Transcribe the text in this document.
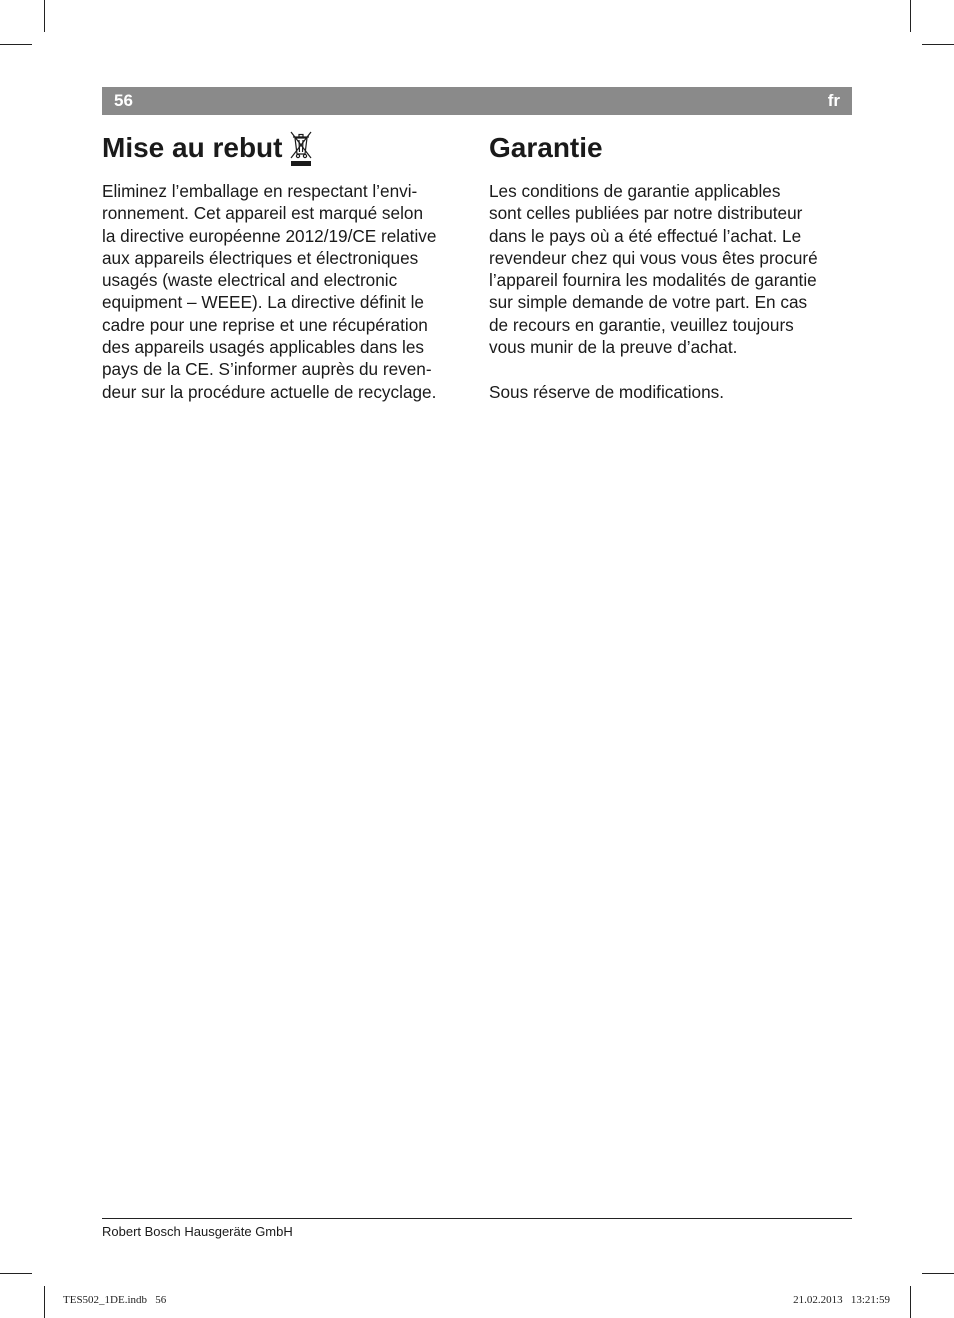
56	fr
Mise au rebut

Eliminez l’emballage en respectant l’envi-
ronnement. Cet appareil est marqué selon
la directive européenne 2012/19/CE relative
aux appareils électriques et électroniques
usagés (waste electrical and electronic
equipment – WEEE). La directive définit le
cadre pour une reprise et une récupération
des appareils usagés applicables dans les
pays de la CE. S’informer auprès du reven-
deur sur la procédure actuelle de recyclage.

Garantie

Les conditions de garantie applicables
sont celles publiées par notre distributeur
dans le pays où a été effectué l’achat. Le
revendeur chez qui vous vous êtes procuré
l’appareil fournira les modalités de garantie
sur simple demande de votre part. En cas
de recours en garantie, veuillez toujours
vous munir de la preuve d’achat.

Sous réserve de modifications.

Robert Bosch Hausgeräte GmbH
TES502_1DE.indb   56	21.02.2013   13:21:59
